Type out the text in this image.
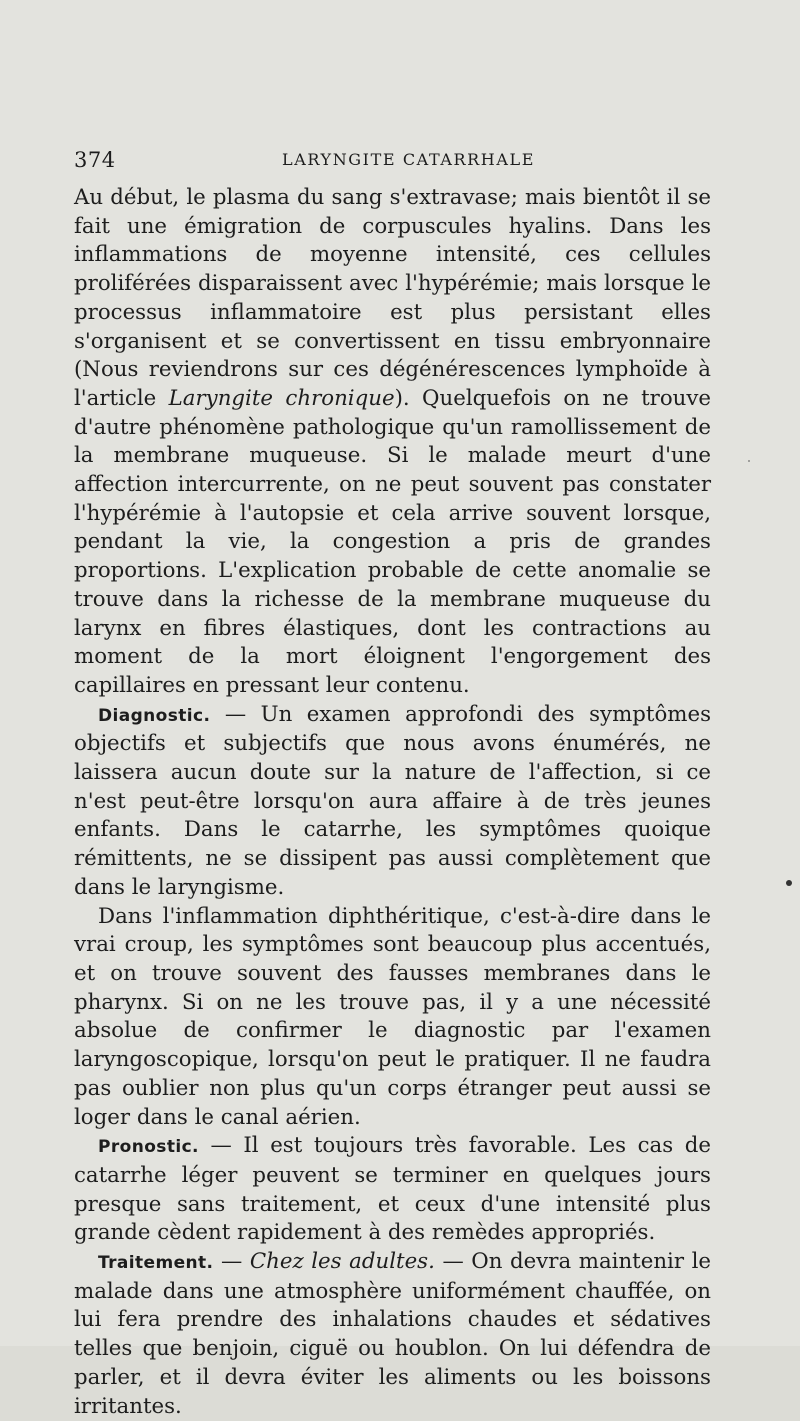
374	LARYNGITE CATARRHALE

Au début, le plasma du sang s'extravase; mais bientôt il se fait une émigration de corpuscules hyalins. Dans les inflammations de moyenne intensité, ces cellules proliférées disparaissent avec l'hypérémie; mais lorsque le processus inflammatoire est plus persistant elles s'organisent et se convertissent en tissu embryonnaire (Nous reviendrons sur ces dégénérescences lymphoïde à l'article Laryngite chronique). Quelquefois on ne trouve d'autre phénomène pathologique qu'un ramollissement de la membrane muqueuse. Si le malade meurt d'une affection intercurrente, on ne peut souvent pas constater l'hypérémie à l'autopsie et cela arrive souvent lorsque, pendant la vie, la congestion a pris de grandes proportions. L'explication probable de cette anomalie se trouve dans la richesse de la membrane muqueuse du larynx en fibres élastiques, dont les contractions au moment de la mort éloignent l'engorgement des capillaires en pressant leur contenu.

Diagnostic. — Un examen approfondi des symptômes objectifs et subjectifs que nous avons énumérés, ne laissera aucun doute sur la nature de l'affection, si ce n'est peut-être lorsqu'on aura affaire à de très jeunes enfants. Dans le catarrhe, les symptômes quoique rémittents, ne se dissipent pas aussi complètement que dans le laryngisme.

Dans l'inflammation diphthéritique, c'est-à-dire dans le vrai croup, les symptômes sont beaucoup plus accentués, et on trouve souvent des fausses membranes dans le pharynx. Si on ne les trouve pas, il y a une nécessité absolue de confirmer le diagnostic par l'examen laryngoscopique, lorsqu'on peut le pratiquer. Il ne faudra pas oublier non plus qu'un corps étranger peut aussi se loger dans le canal aérien.

Pronostic. — Il est toujours très favorable. Les cas de catarrhe léger peuvent se terminer en quelques jours presque sans traitement, et ceux d'une intensité plus grande cèdent rapidement à des remèdes appropriés.

Traitement. — Chez les adultes. — On devra maintenir le malade dans une atmosphère uniformément chauffée, on lui fera prendre des inhalations chaudes et sédatives telles que benjoin, ciguë ou houblon. On lui défendra de parler, et il devra éviter les aliments ou les boissons irritantes.
